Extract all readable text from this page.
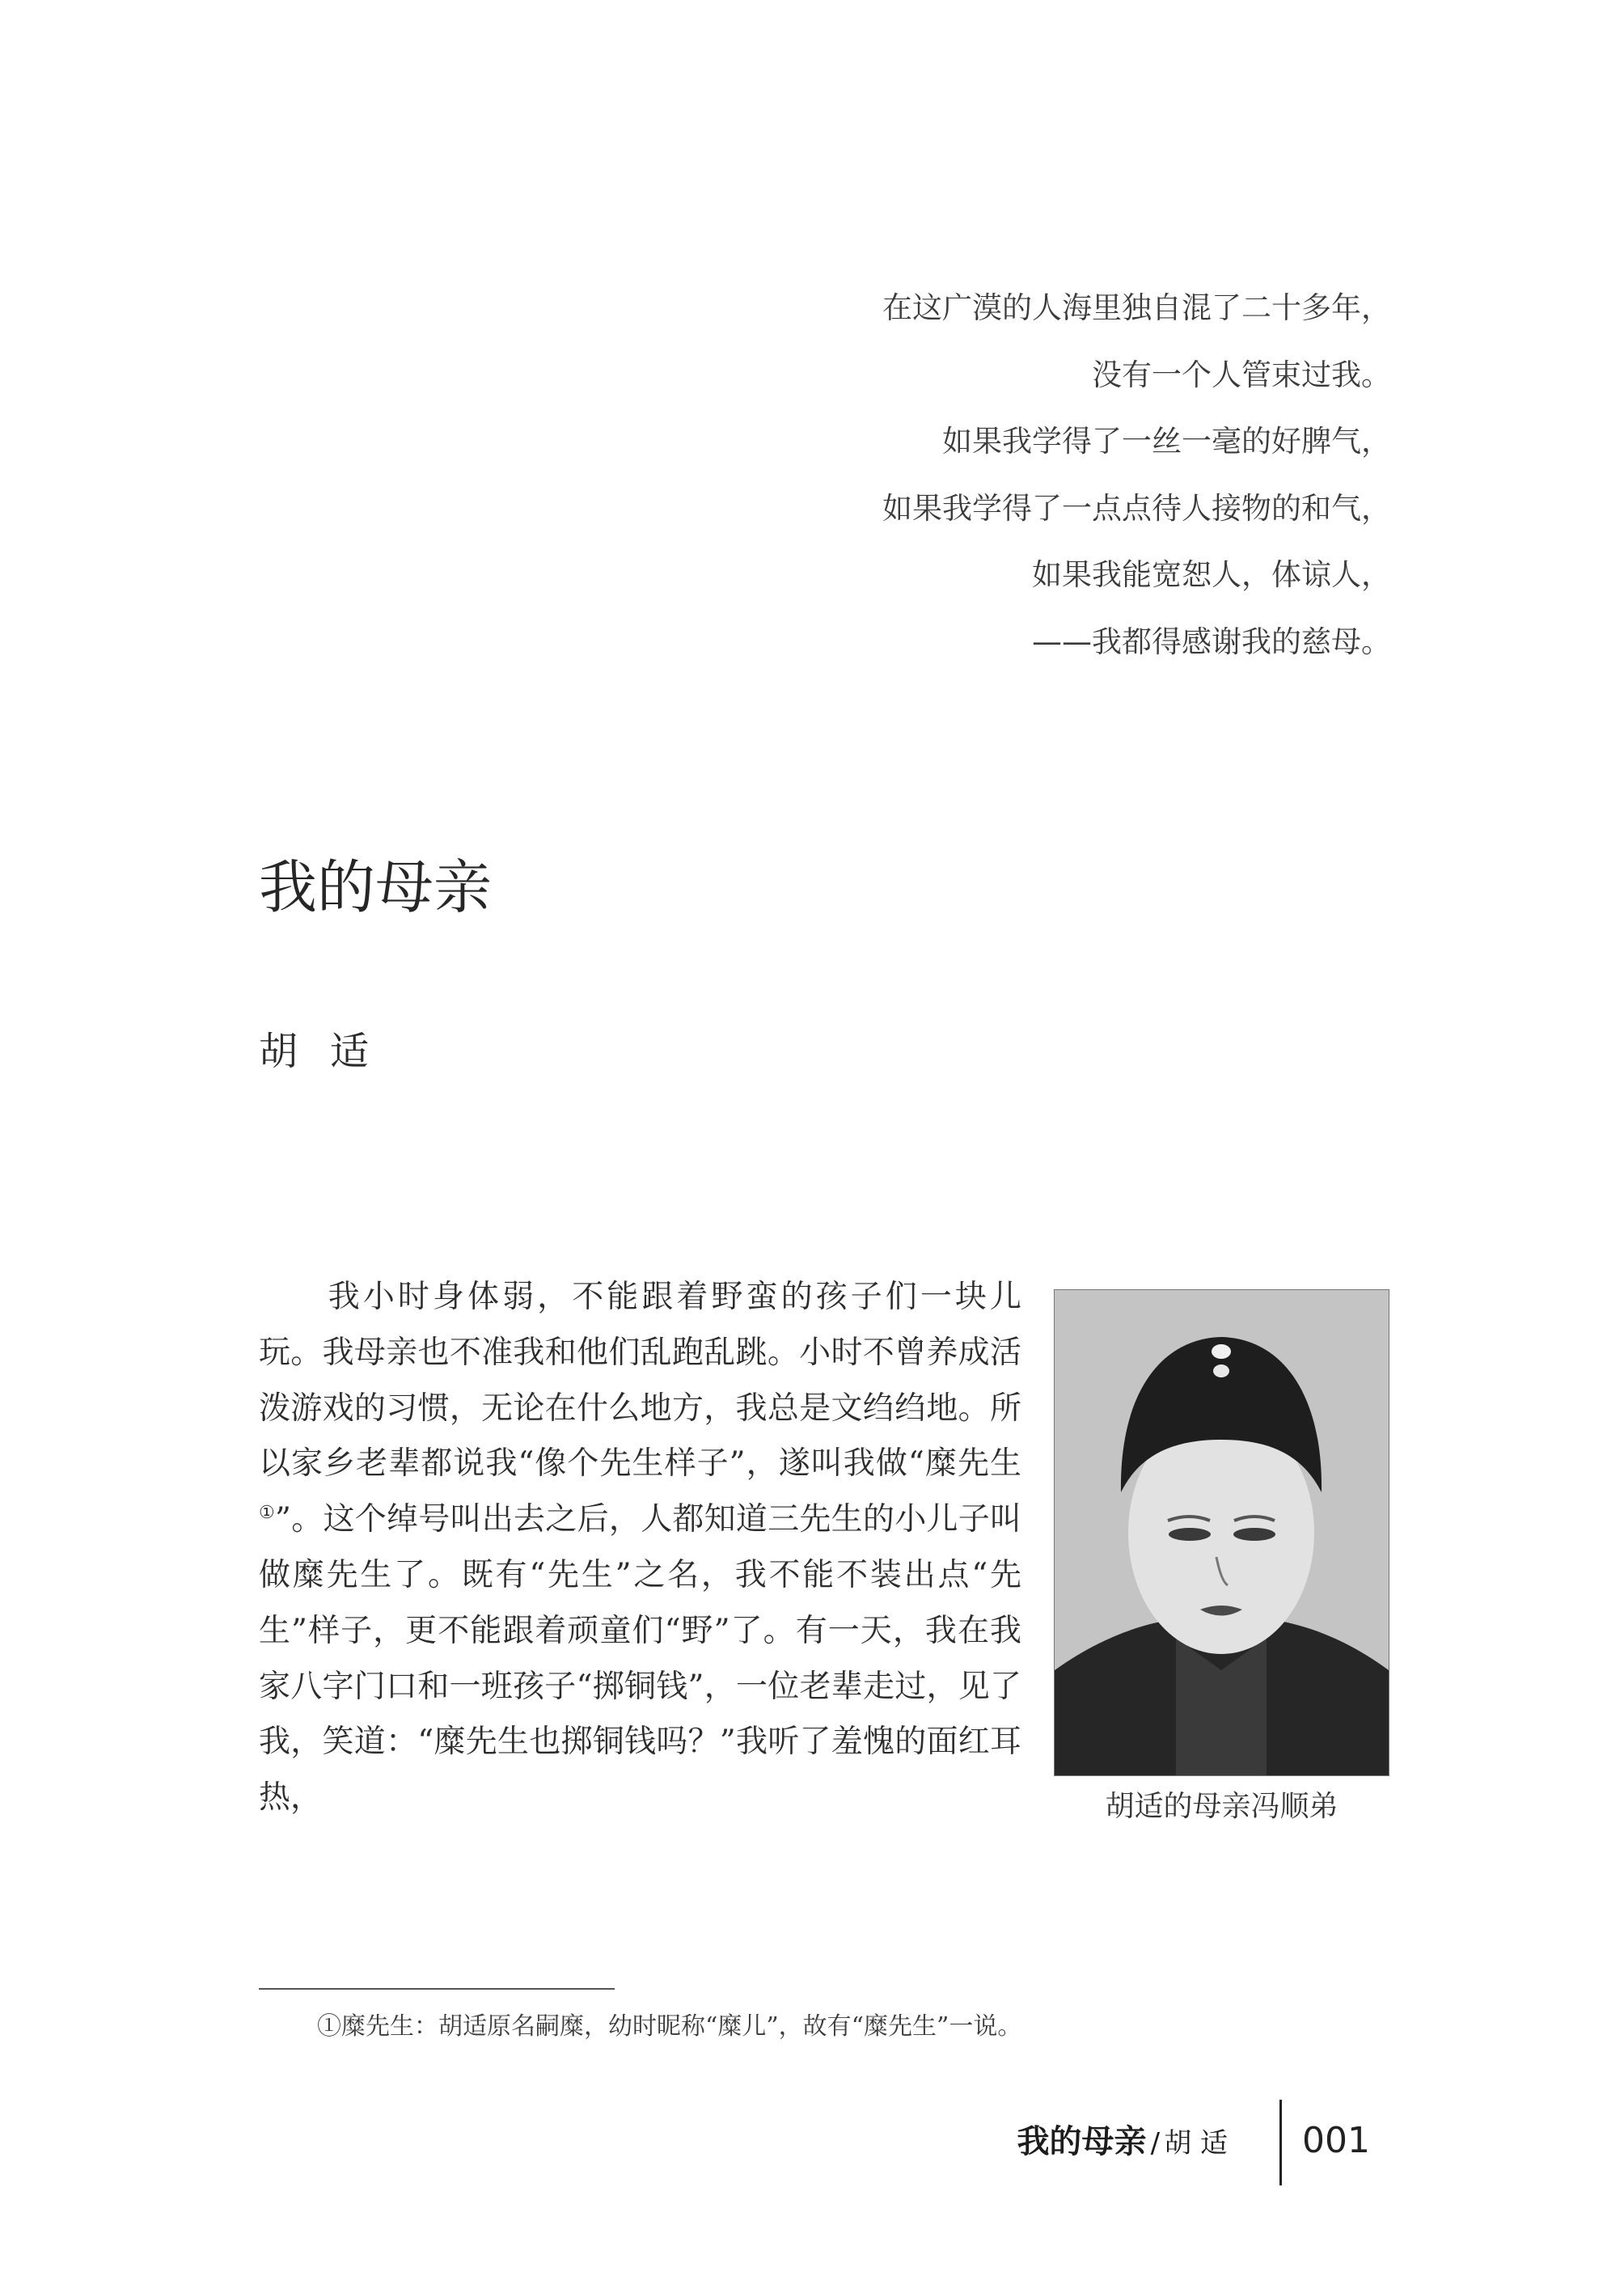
在这广漠的人海里独自混了二十多年，
没有一个人管束过我。
如果我学得了一丝一毫的好脾气，
如果我学得了一点点待人接物的和气，
如果我能宽恕人，体谅人，
——我都得感谢我的慈母。
我的母亲
胡适
胡适的母亲冯顺弟

我小时身体弱，不能跟着野蛮的孩子们一块儿玩。我母亲也不准我和他们乱跑乱跳。小时不曾养成活泼游戏的习惯，无论在什么地方，我总是文绉绉地。所以家乡老辈都说我“像个先生样子”，遂叫我做“糜先生①”。这个绰号叫出去之后，人都知道三先生的小儿子叫做糜先生了。既有“先生”之名，我不能不装出点“先生”样子，更不能跟着顽童们“野”了。有一天，我在我家八字门口和一班孩子“掷铜钱”，一位老辈走过，见了我，笑道：“糜先生也掷铜钱吗？”我听了羞愧的面红耳热，

①糜先生：胡适原名嗣糜，幼时昵称“糜儿”，故有“糜先生”一说。
我的母亲 / 胡 适 001
